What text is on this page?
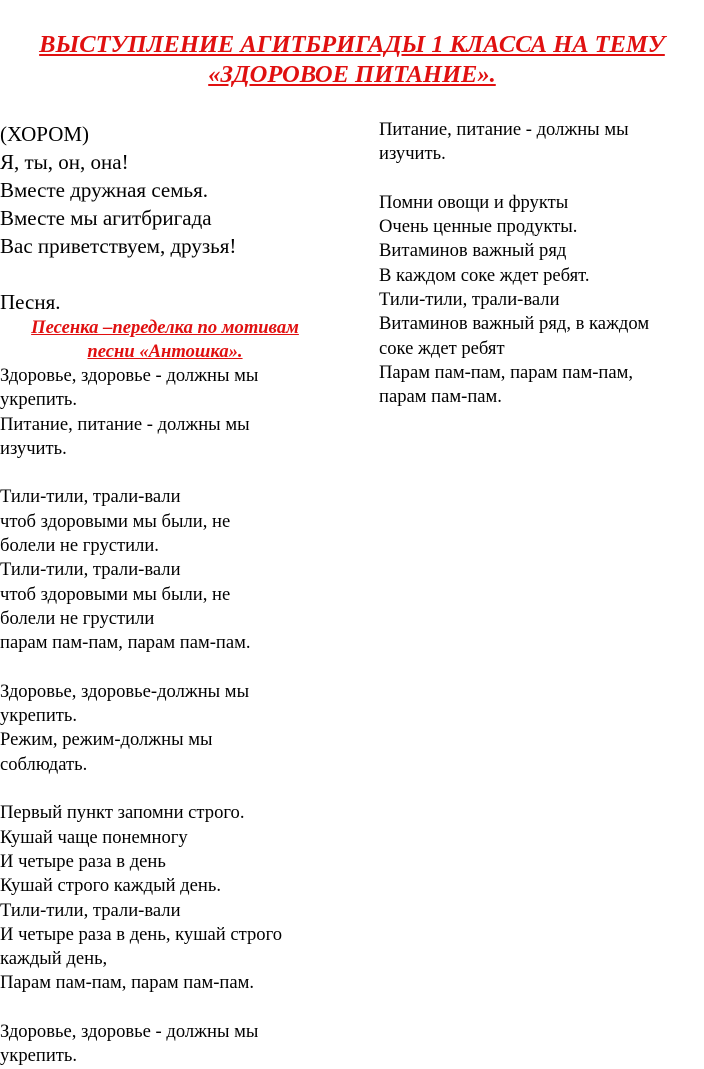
ВЫСТУПЛЕНИЕ АГИТБРИГАДЫ 1 КЛАССА НА ТЕМУ
«ЗДОРОВОЕ ПИТАНИЕ».
(ХОРОМ)
Я, ты, он, она!
Вместе дружная семья.
Вместе мы агитбригада
Вас приветствуем, друзья!
Песня.
Песенка –переделка по мотивам
песни «Антошка».
Здоровье, здоровье - должны мы
укрепить.
Питание, питание - должны мы
изучить.
Тили-тили, трали-вали
чтоб здоровыми мы были, не
болели не грустили.
Тили-тили, трали-вали
чтоб здоровыми мы были, не
болели не грустили
парам пам-пам, парам пам-пам.
Здоровье, здоровье-должны мы
укрепить.
Режим, режим-должны мы
соблюдать.
Первый пункт запомни строго.
Кушай чаще понемногу
И четыре раза в день
Кушай строго каждый день.
Тили-тили, трали-вали
И четыре раза в день, кушай строго
каждый день,
Парам пам-пам, парам пам-пам.
Здоровье, здоровье - должны мы
укрепить.
Питание, питание - должны мы
изучить.
Помни овощи и фрукты
Очень ценные продукты.
Витаминов важный ряд
В каждом соке ждет ребят.
Тили-тили, трали-вали
Витаминов важный ряд, в каждом
соке ждет ребят
Парам пам-пам, парам пам-пам,
парам пам-пам.
